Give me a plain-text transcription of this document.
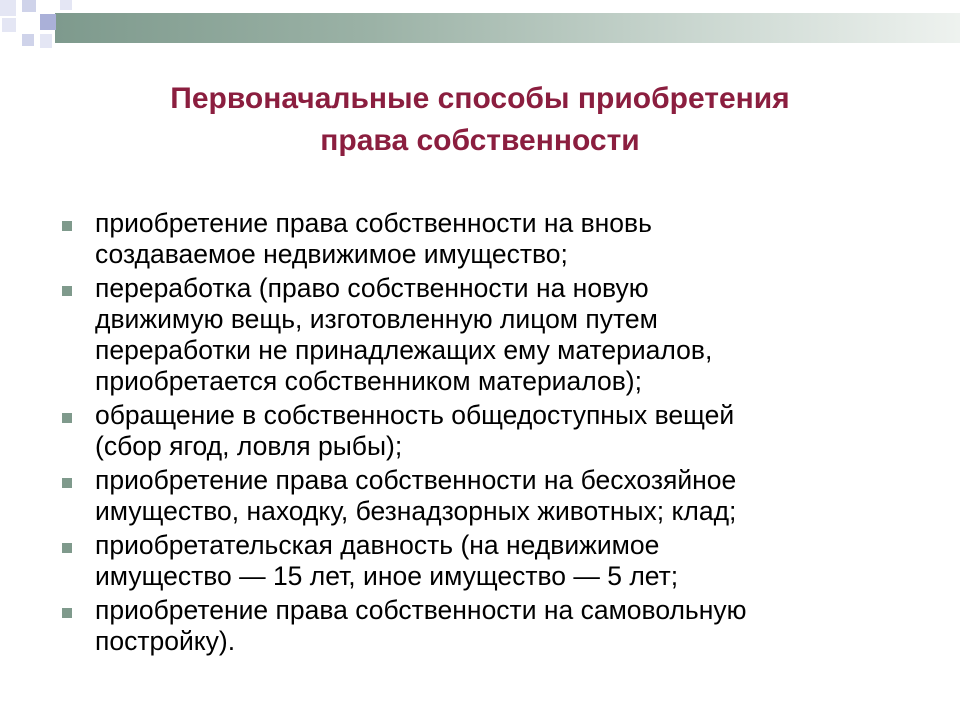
Первоначальные способы приобретения
права собственности
приобретение права собственности на вновь
создаваемое недвижимое имущество;
переработка (право собственности на новую
движимую вещь, изготовленную лицом путем
переработки не принадлежащих ему материалов,
приобретается собственником материалов);
обращение в собственность общедоступных вещей
(сбор ягод, ловля рыбы);
приобретение права собственности на бесхозяйное
имущество, находку, безнадзорных животных; клад;
приобретательская давность (на недвижимое
имущество — 15 лет, иное имущество — 5 лет;
приобретение права собственности на самовольную
постройку).
